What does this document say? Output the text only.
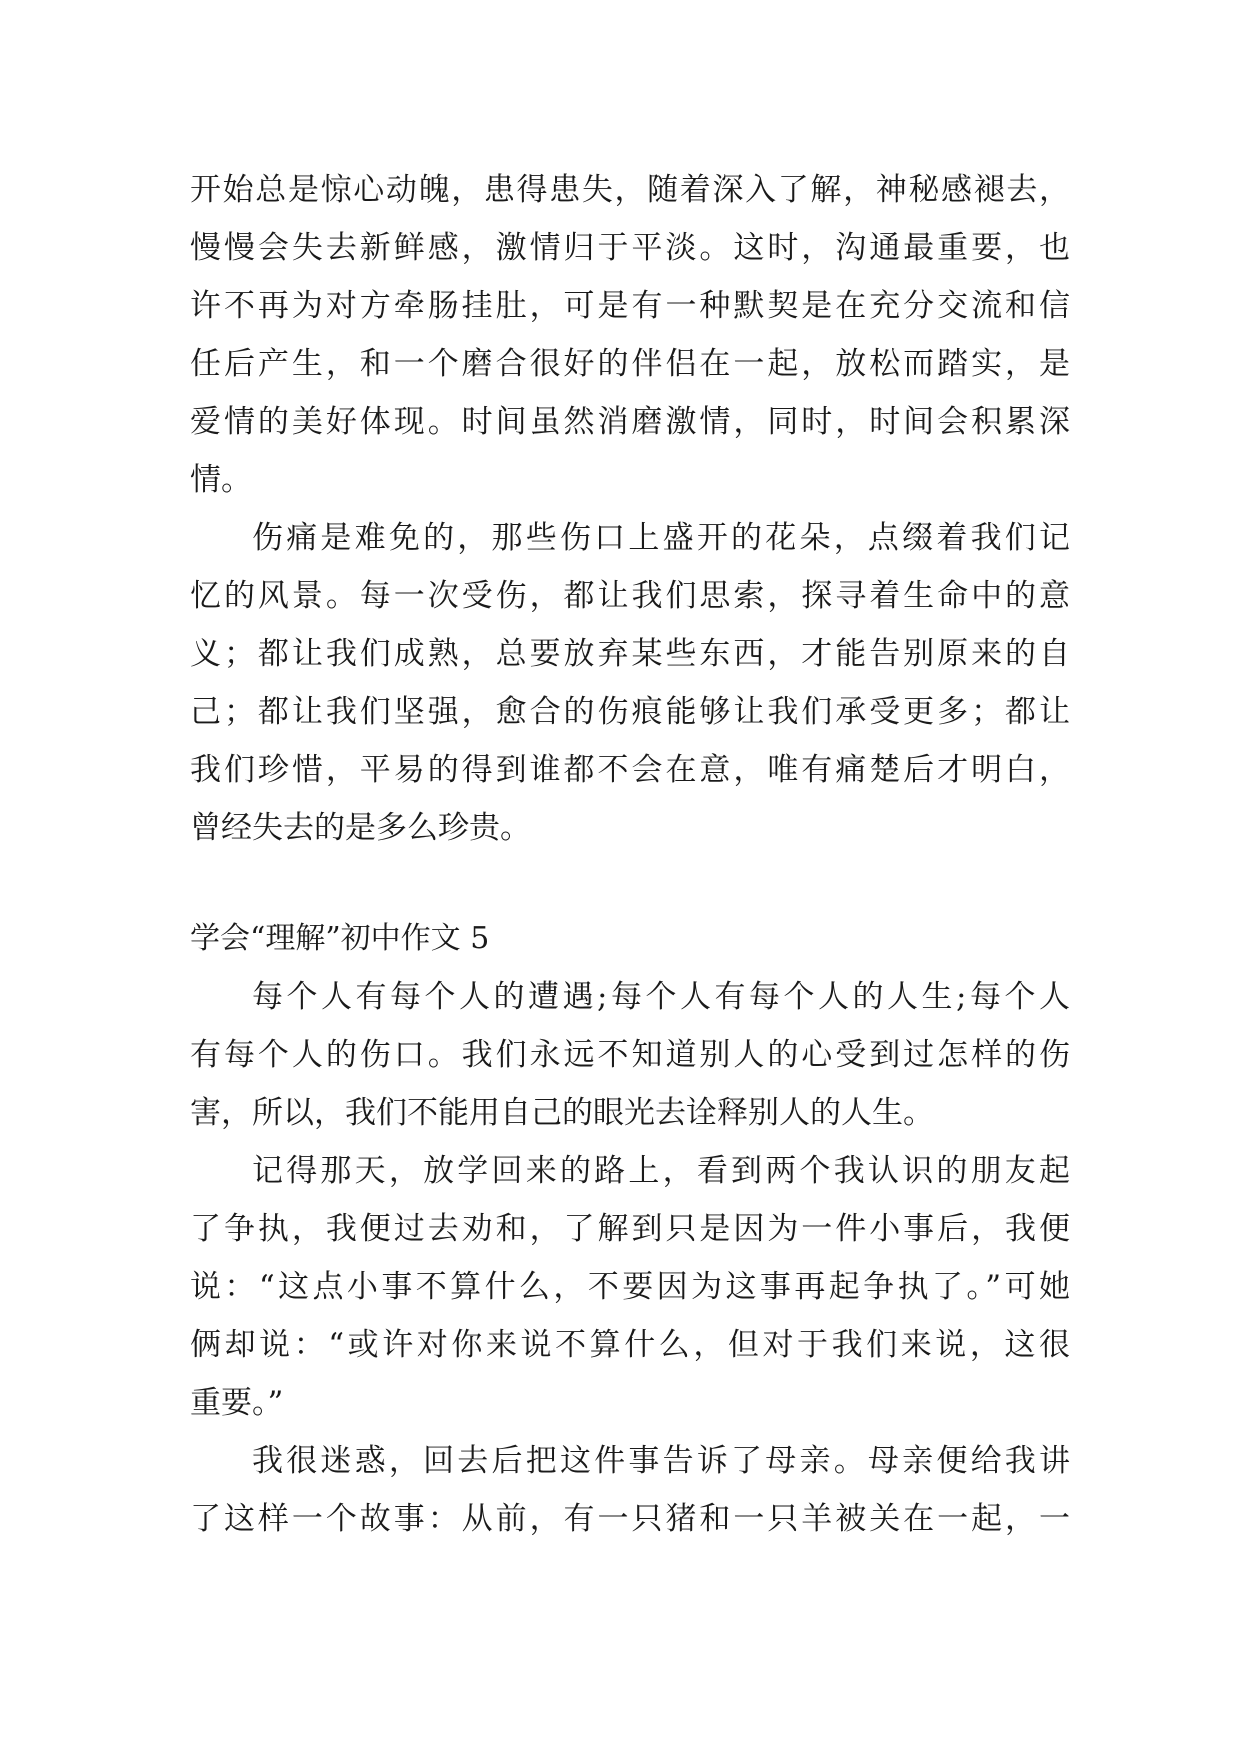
开始总是惊心动魄，患得患失，随着深入了解，神秘感褪去，
慢慢会失去新鲜感，激情归于平淡。这时，沟通最重要，也
许不再为对方牵肠挂肚，可是有一种默契是在充分交流和信
任后产生，和一个磨合很好的伴侣在一起，放松而踏实，是
爱情的美好体现。时间虽然消磨激情，同时，时间会积累深
情。
伤痛是难免的，那些伤口上盛开的花朵，点缀着我们记
忆的风景。每一次受伤，都让我们思索，探寻着生命中的意
义；都让我们成熟，总要放弃某些东西，才能告别原来的自
己；都让我们坚强，愈合的伤痕能够让我们承受更多；都让
我们珍惜，平易的得到谁都不会在意，唯有痛楚后才明白，
曾经失去的是多么珍贵。
学会“理解”初中作文 5
每个人有每个人的遭遇;每个人有每个人的人生;每个人
有每个人的伤口。我们永远不知道别人的心受到过怎样的伤
害，所以，我们不能用自己的眼光去诠释别人的人生。
记得那天，放学回来的路上，看到两个我认识的朋友起
了争执，我便过去劝和，了解到只是因为一件小事后，我便
说：“这点小事不算什么，不要因为这事再起争执了。”可她
俩却说：“或许对你来说不算什么，但对于我们来说，这很
重要。”
我很迷惑，回去后把这件事告诉了母亲。母亲便给我讲
了这样一个故事：从前，有一只猪和一只羊被关在一起，一
